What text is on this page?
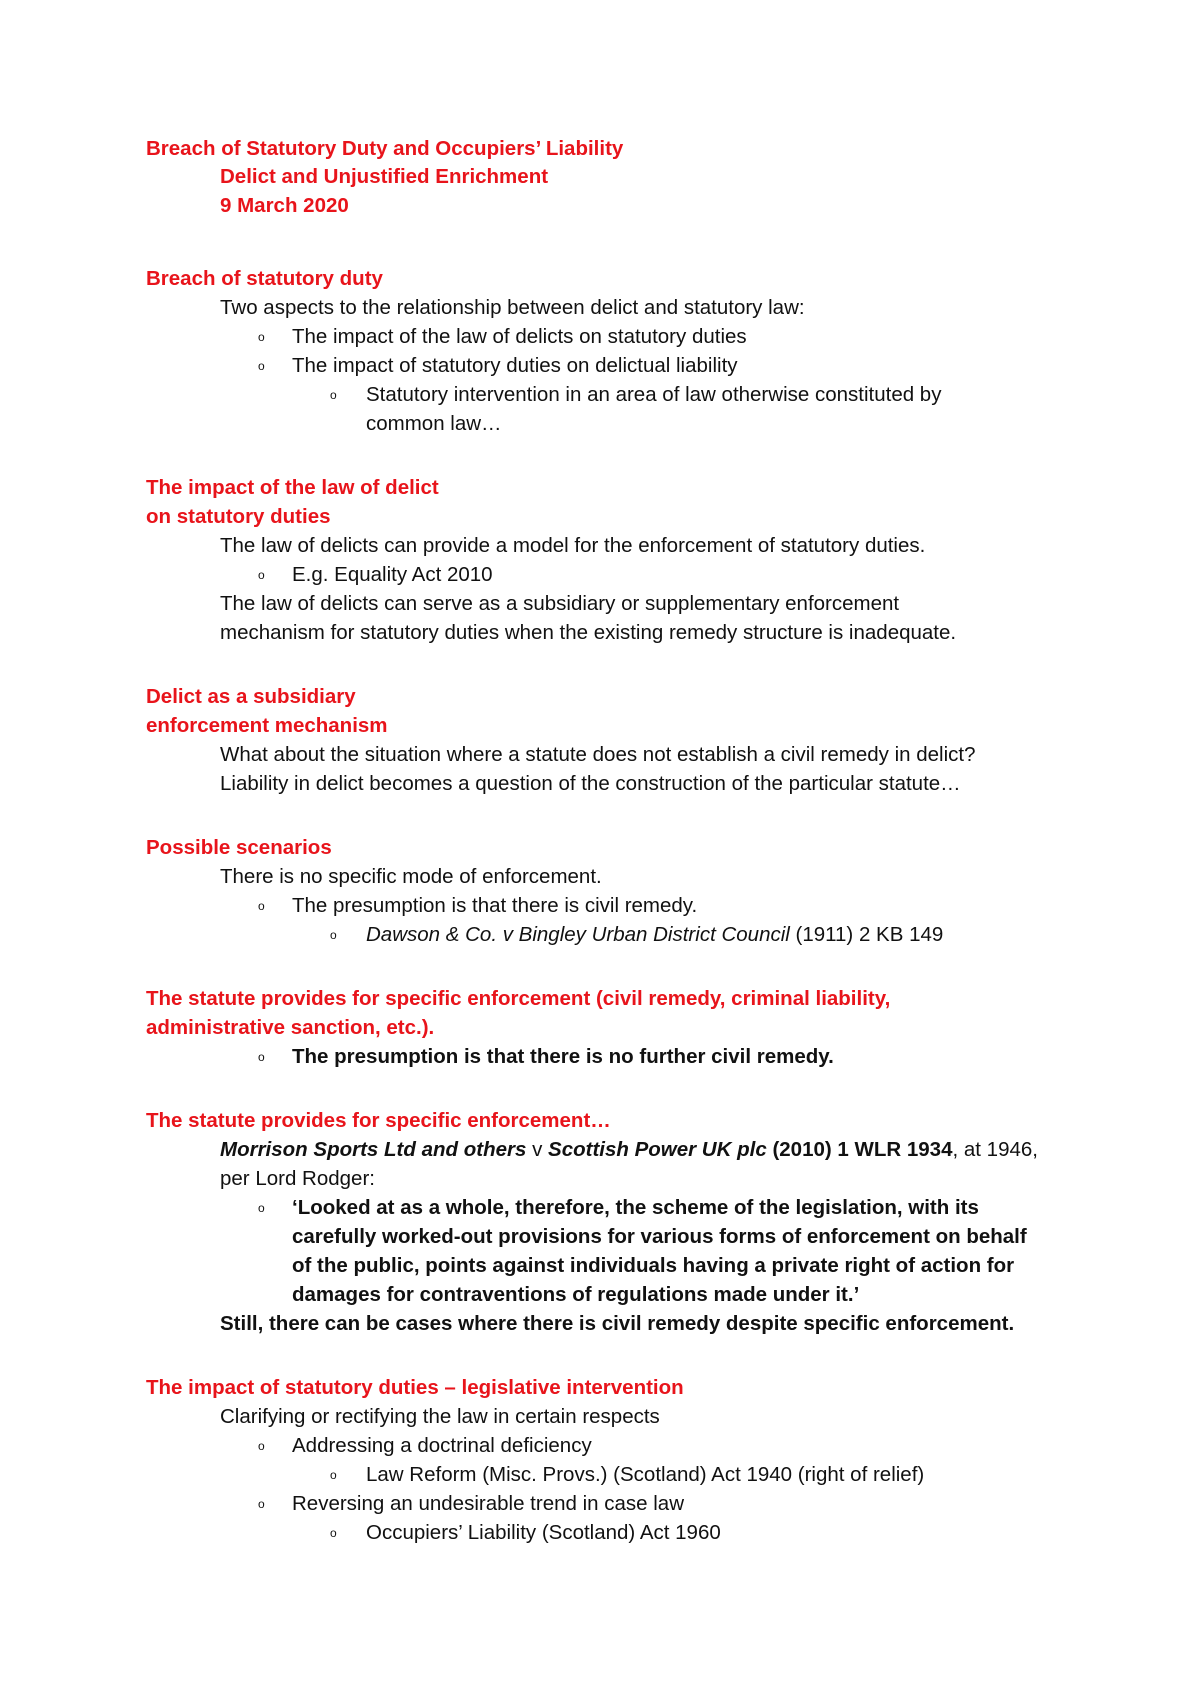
Breach of Statutory Duty and Occupiers’ Liability
Delict and Unjustified Enrichment
9 March 2020
Breach of statutory duty
Two aspects to the relationship between delict and statutory law:
o The impact of the law of delicts on statutory duties
o The impact of statutory duties on delictual liability
o Statutory intervention in an area of law otherwise constituted by
common law…
The impact of the law of delict
on statutory duties
The law of delicts can provide a model for the enforcement of statutory duties.
o E.g. Equality Act 2010
The law of delicts can serve as a subsidiary or supplementary enforcement
mechanism for statutory duties when the existing remedy structure is inadequate.
Delict as a subsidiary
enforcement mechanism
What about the situation where a statute does not establish a civil remedy in delict?
Liability in delict becomes a question of the construction of the particular statute…
Possible scenarios
There is no specific mode of enforcement.
o The presumption is that there is civil remedy.
o Dawson & Co. v Bingley Urban District Council (1911) 2 KB 149
The statute provides for specific enforcement (civil remedy, criminal liability,
administrative sanction, etc.).
o The presumption is that there is no further civil remedy.
The statute provides for specific enforcement…
Morrison Sports Ltd and others v Scottish Power UK plc (2010) 1 WLR 1934, at 1946,
per Lord Rodger:
o ‘Looked at as a whole, therefore, the scheme of the legislation, with its
carefully worked-out provisions for various forms of enforcement on behalf
of the public, points against individuals having a private right of action for
damages for contraventions of regulations made under it.’
Still, there can be cases where there is civil remedy despite specific enforcement.
The impact of statutory duties – legislative intervention
Clarifying or rectifying the law in certain respects
o Addressing a doctrinal deficiency
o Law Reform (Misc. Provs.) (Scotland) Act 1940 (right of relief)
o Reversing an undesirable trend in case law
o Occupiers’ Liability (Scotland) Act 1960
